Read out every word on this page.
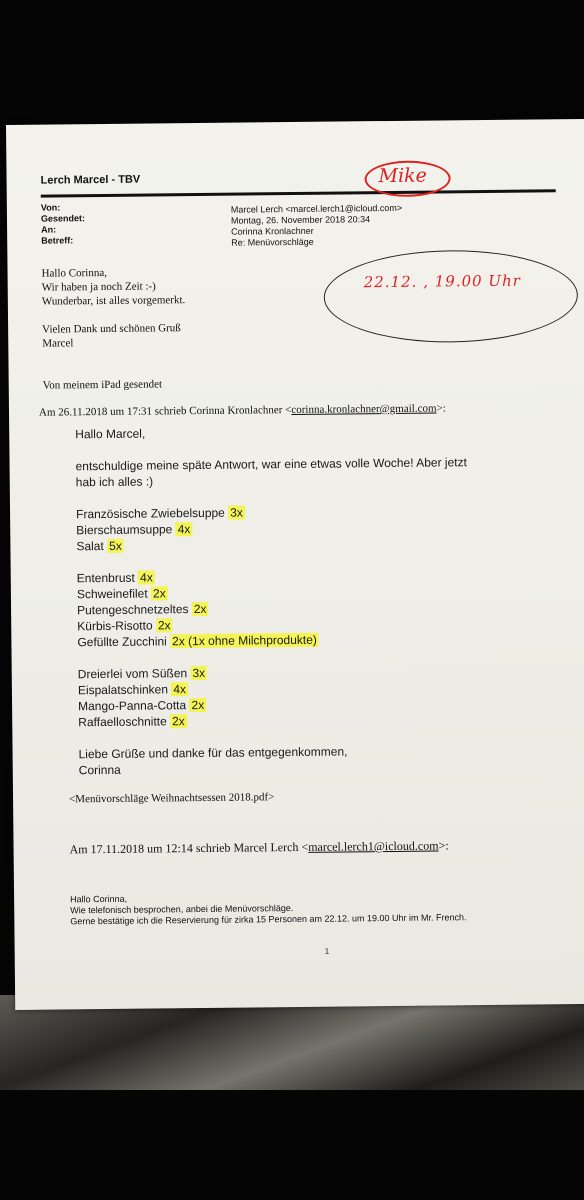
Lerch Marcel - TBV	Mike
Von:
Gesendet:
An:
Betreff:
Marcel Lerch <marcel.lerch1@icloud.com>
Montag, 26. November 2018 20:34
Corinna Kronlachner
Re: Menüvorschläge
22.12. , 19.00 Uhr
Hallo Corinna,
Wir haben ja noch Zeit :-)
Wunderbar, ist alles vorgemerkt.
Vielen Dank und schönen Gruß
Marcel
Von meinem iPad gesendet
Am 26.11.2018 um 17:31 schrieb Corinna Kronlachner <corinna.kronlachner@gmail.com>:
Hallo Marcel,
entschuldige meine späte Antwort, war eine etwas volle Woche! Aber jetzt
hab ich alles :)
Französische Zwiebelsuppe 3x
Bierschaumsuppe 4x
Salat 5x
Entenbrust 4x
Schweinefilet 2x
Putengeschnetzeltes 2x
Kürbis-Risotto 2x
Gefüllte Zucchini 2x (1x ohne Milchprodukte)
Dreierlei vom Süßen 3x
Eispalatschinken 4x
Mango-Panna-Cotta 2x
Raffaelloschnitte 2x
Liebe Grüße und danke für das entgegenkommen,
Corinna
<Menüvorschläge Weihnachtsessen 2018.pdf>
Am 17.11.2018 um 12:14 schrieb Marcel Lerch <marcel.lerch1@icloud.com>:
Hallo Corinna,
Wie telefonisch besprochen, anbei die Menüvorschläge.
Gerne bestätige ich die Reservierung für zirka 15 Personen am 22.12. um 19.00 Uhr im Mr. French.
1
